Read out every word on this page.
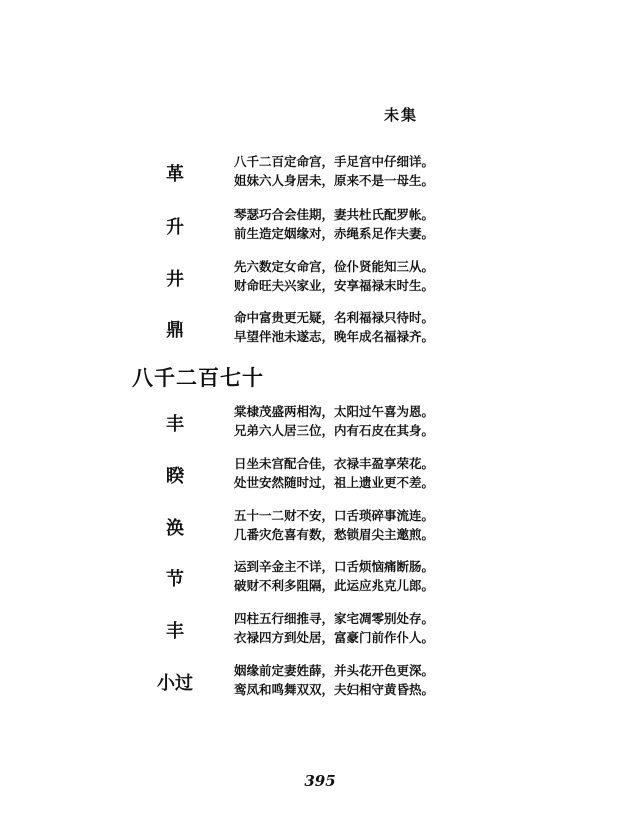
未集
革
八千二百定命宫，手足宫中仔细详。
姐妹六人身居未，原来不是一母生。
升
琴瑟巧合会佳期，妻共杜氏配罗帐。
前生造定姻缘对，赤绳系足作夫妻。
井
先六数定女命宫，俭仆贤能知三从。
财命旺夫兴家业，安享福禄末时生。
鼎
命中富贵更无疑，名利福禄只待时。
早望伴池未遂志，晚年成名福禄齐。
八千二百七十
丰
棠棣茂盛两相沟，太阳过午喜为恩。
兄弟六人居三位，内有石皮在其身。
睽
日坐未宫配合佳，衣禄丰盈享荣花。
处世安然随时过，祖上遗业更不差。
涣
五十一二财不安，口舌琐碎事流连。
几番灾危喜有数，愁锁眉尖主邀煎。
节
运到辛金主不详，口舌烦恼痛断肠。
破财不利多阻隔，此运应兆克儿郎。
丰
四柱五行细推寻，家宅凋零别处存。
衣禄四方到处居，富豪门前作仆人。
小过
姻缘前定妻姓薛，并头花开色更深。
鸾凤和鸣舞双双，夫妇相守黄昏热。
395
